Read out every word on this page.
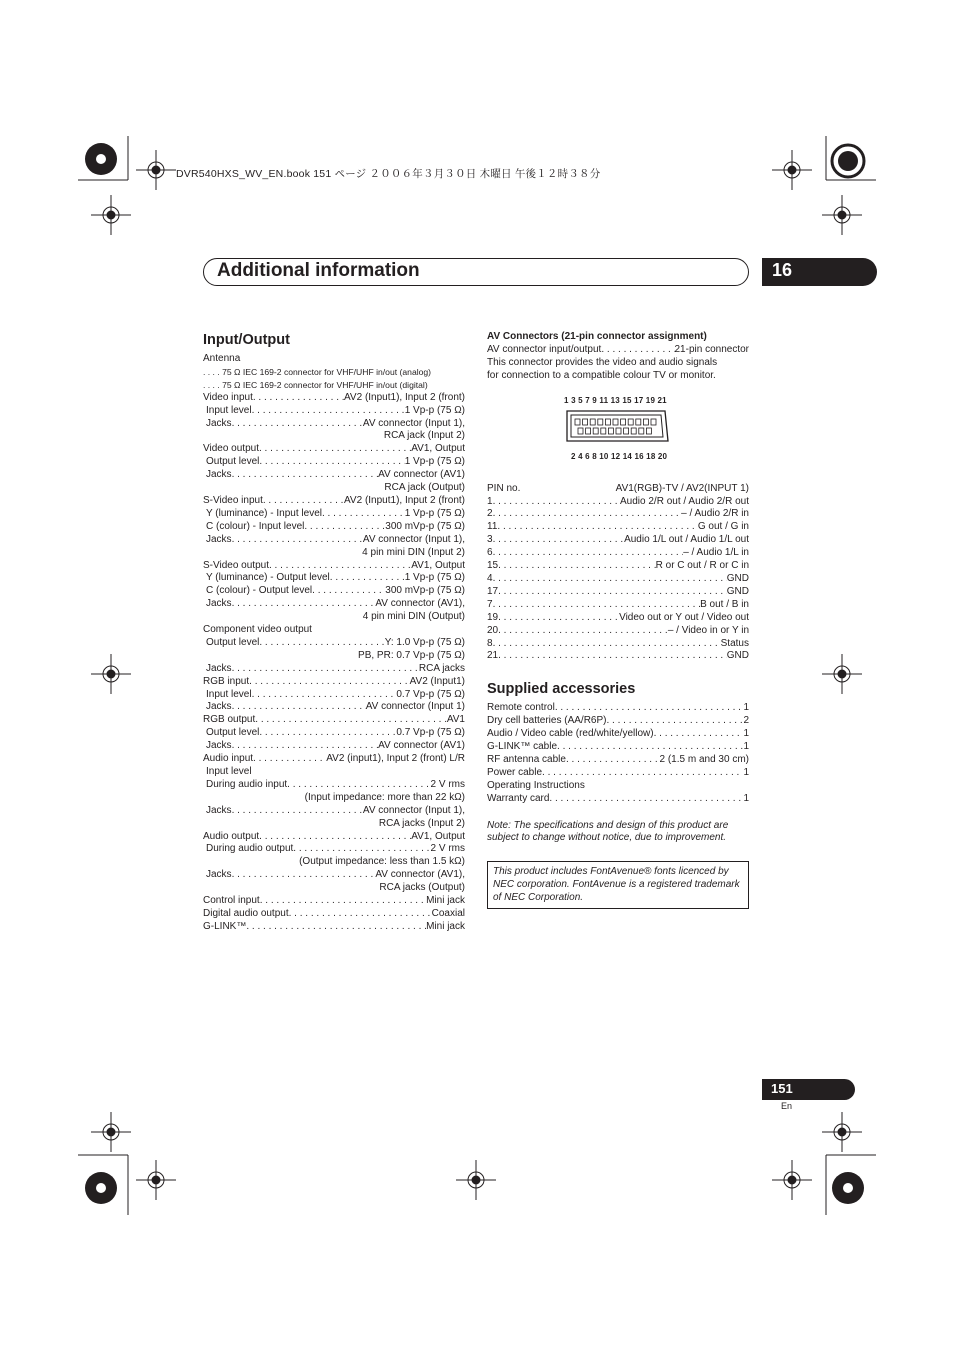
DVR540HXS_WV_EN.book 151 ページ ２００６年３月３０日 木曜日 午後１２時３８分
Additional information	16
Input/Output
Antenna
. . . . 75 Ω IEC 169-2 connector for VHF/UHF in/out (analog)
. . . . 75 Ω IEC 169-2 connector for VHF/UHF in/out (digital)
Video input . . .	AV2 (Input1), Input 2 (front)
Input level . . .	1 Vp-p (75 Ω)
Jacks . . .	AV connector (Input 1),
RCA jack (Input 2)
Video output . . .	AV1, Output
Output level . . .	1 Vp-p (75 Ω)
Jacks . . .	AV connector (AV1)
RCA jack (Output)
S-Video input . . .	AV2 (Input1), Input 2 (front)
Y (luminance) - Input level . . .	1 Vp-p (75 Ω)
C (colour) - Input level . . .	300 mVp-p (75 Ω)
Jacks . . .	AV connector (Input 1),
4 pin mini DIN (Input 2)
S-Video output . . .	AV1, Output
Y (luminance) - Output level . . .	1 Vp-p (75 Ω)
C (colour) - Output level . . .	300 mVp-p (75 Ω)
Jacks . . .	AV connector (AV1),
4 pin mini DIN (Output)
Component video output
Output level . . .	Y: 1.0 Vp-p (75 Ω)
PB, PR: 0.7 Vp-p (75 Ω)
Jacks . . .	RCA jacks
RGB input . . .	AV2 (Input1)
Input level . . .	0.7 Vp-p (75 Ω)
Jacks . . .	AV connector (Input 1)
RGB output . . .	AV1
Output level . . .	0.7 Vp-p (75 Ω)
Jacks . . .	AV connector (AV1)
Audio input . . .	AV2 (input1), Input 2 (front) L/R
Input level
During audio input . . .	2 V rms
(Input impedance: more than 22 kΩ)
Jacks . . .	AV connector (Input 1),
RCA jacks (Input 2)
Audio output . . .	AV1, Output
During audio output . . .	2 V rms
(Output impedance: less than 1.5 kΩ)
Jacks . . .	AV connector (AV1),
RCA jacks (Output)
Control input . . .	Mini jack
Digital audio output . . .	Coaxial
G-LINK™ . . .	Mini jack
AV Connectors (21-pin connector assignment)
AV connector input/output . . .	21-pin connector
This connector provides the video and audio signals
for connection to a compatible colour TV or monitor.
PIN no.	AV1(RGB)-TV / AV2(INPUT 1)
1 . . .	Audio 2/R out / Audio 2/R out
2 . . .	– / Audio 2/R in
11 . . .	G out / G in
3 . . .	Audio 1/L out / Audio 1/L out
6 . . .	– / Audio 1/L in
15 . . .	R or C out / R or C in
4 . . .	GND
17 . . .	GND
7 . . .	B out / B in
19 . . .	Video out or Y out / Video out
20 . . .	– / Video in or Y in
8 . . .	Status
21 . . .	GND
Supplied accessories
Remote control . . .	1
Dry cell batteries (AA/R6P) . . .	2
Audio / Video cable (red/white/yellow) . . .	1
G-LINK™ cable . . .	1
RF antenna cable . . .	2 (1.5 m and 30 cm)
Power cable . . .	1
Operating Instructions
Warranty card . . .	1
Note: The specifications and design of this product are subject to change without notice, due to improvement.
This product includes FontAvenue® fonts licenced by NEC corporation. FontAvenue is a registered trademark of NEC Corporation.
1 3 5 7 9 11 13 15 17 19 21
2 4 6 8 10 12 14 16 18 20
151
En
